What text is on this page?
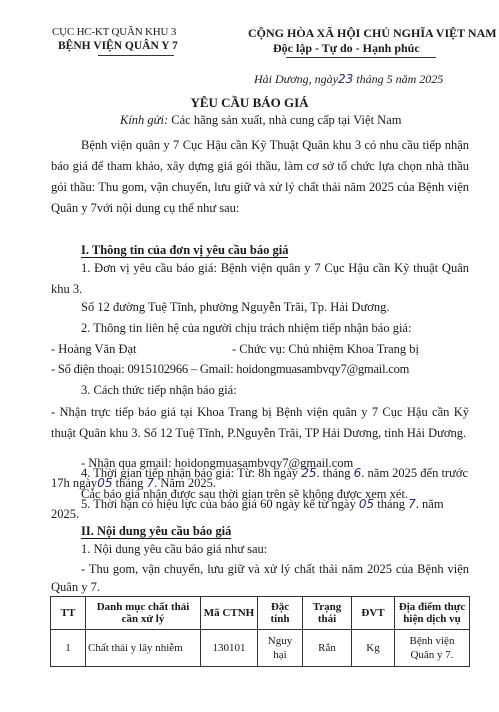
CỤC HC-KT QUÂN KHU 3
BỆNH VIỆN QUÂN Y 7
CỘNG HÒA XÃ HỘI CHỦ NGHĨA VIỆT NAM
Độc lập - Tự do - Hạnh phúc
Hải Dương, ngày23 tháng 5 năm 2025
YÊU CẦU BÁO GIÁ
Kính gửi: Các hãng sản xuất, nhà cung cấp tại Việt Nam
Bệnh viện quân y 7 Cục Hậu cần Kỹ Thuật Quân khu 3 có nhu cầu tiếp nhận báo giá để tham khảo, xây dựng giá gói thầu, làm cơ sở tổ chức lựa chọn nhà thầu gói thầu: Thu gom, vận chuyển, lưu giữ và xử lý chất thải năm 2025 của Bệnh viện Quân y 7với nội dung cụ thể như sau:
I. Thông tin của đơn vị yêu cầu báo giá
1. Đơn vị yêu cầu báo giá: Bệnh viện quân y 7 Cục Hậu cần Kỹ thuật Quân khu 3.
Số 12 đường Tuệ Tĩnh, phường Nguyễn Trãi, Tp. Hải Dương.
2. Thông tin liên hệ của người chịu trách nhiệm tiếp nhận báo giá:
- Hoàng Văn Đạt	- Chức vụ: Chủ nhiệm Khoa Trang bị
- Số điện thoại: 0915102966 – Gmail: hoidongmuasambvqy7@gmail.com
3. Cách thức tiếp nhận báo giá:
- Nhận trực tiếp báo giá tại Khoa Trang bị Bệnh viện quân y 7 Cục Hậu cần Kỹ thuật Quân khu 3. Số 12 Tuệ Tĩnh, P.Nguyễn Trãi, TP Hải Dương, tỉnh Hải Dương.
- Nhận qua gmail: hoidongmuasambvqy7@gmail.com
4. Thời gian tiếp nhận báo giá: Từ: 8h ngày 25. tháng 6. năm 2025 đến trước
17h ngày05 tháng 7. Năm 2025.
Các báo giá nhận được sau thời gian trên sẽ không được xem xét.
5. Thời hạn có hiệu lực của báo giá 60 ngày kể từ ngày 05 tháng 7. năm
2025.
TT	Danh mục chất thải cần xử lý	Mã CTNH	Đặc tính	Trạng thái	ĐVT	Địa điểm thực hiện dịch vụ
1	Chất thải y lây nhiễm	130101	Nguy hại	Rắn	Kg	Bệnh viện Quân y 7.
II. Nội dung yêu cầu báo giá
1. Nội dung yêu cầu báo giá như sau:
- Thu gom, vận chuyển, lưu giữ và xử lý chất thải năm 2025 của Bệnh viện Quân y 7.
